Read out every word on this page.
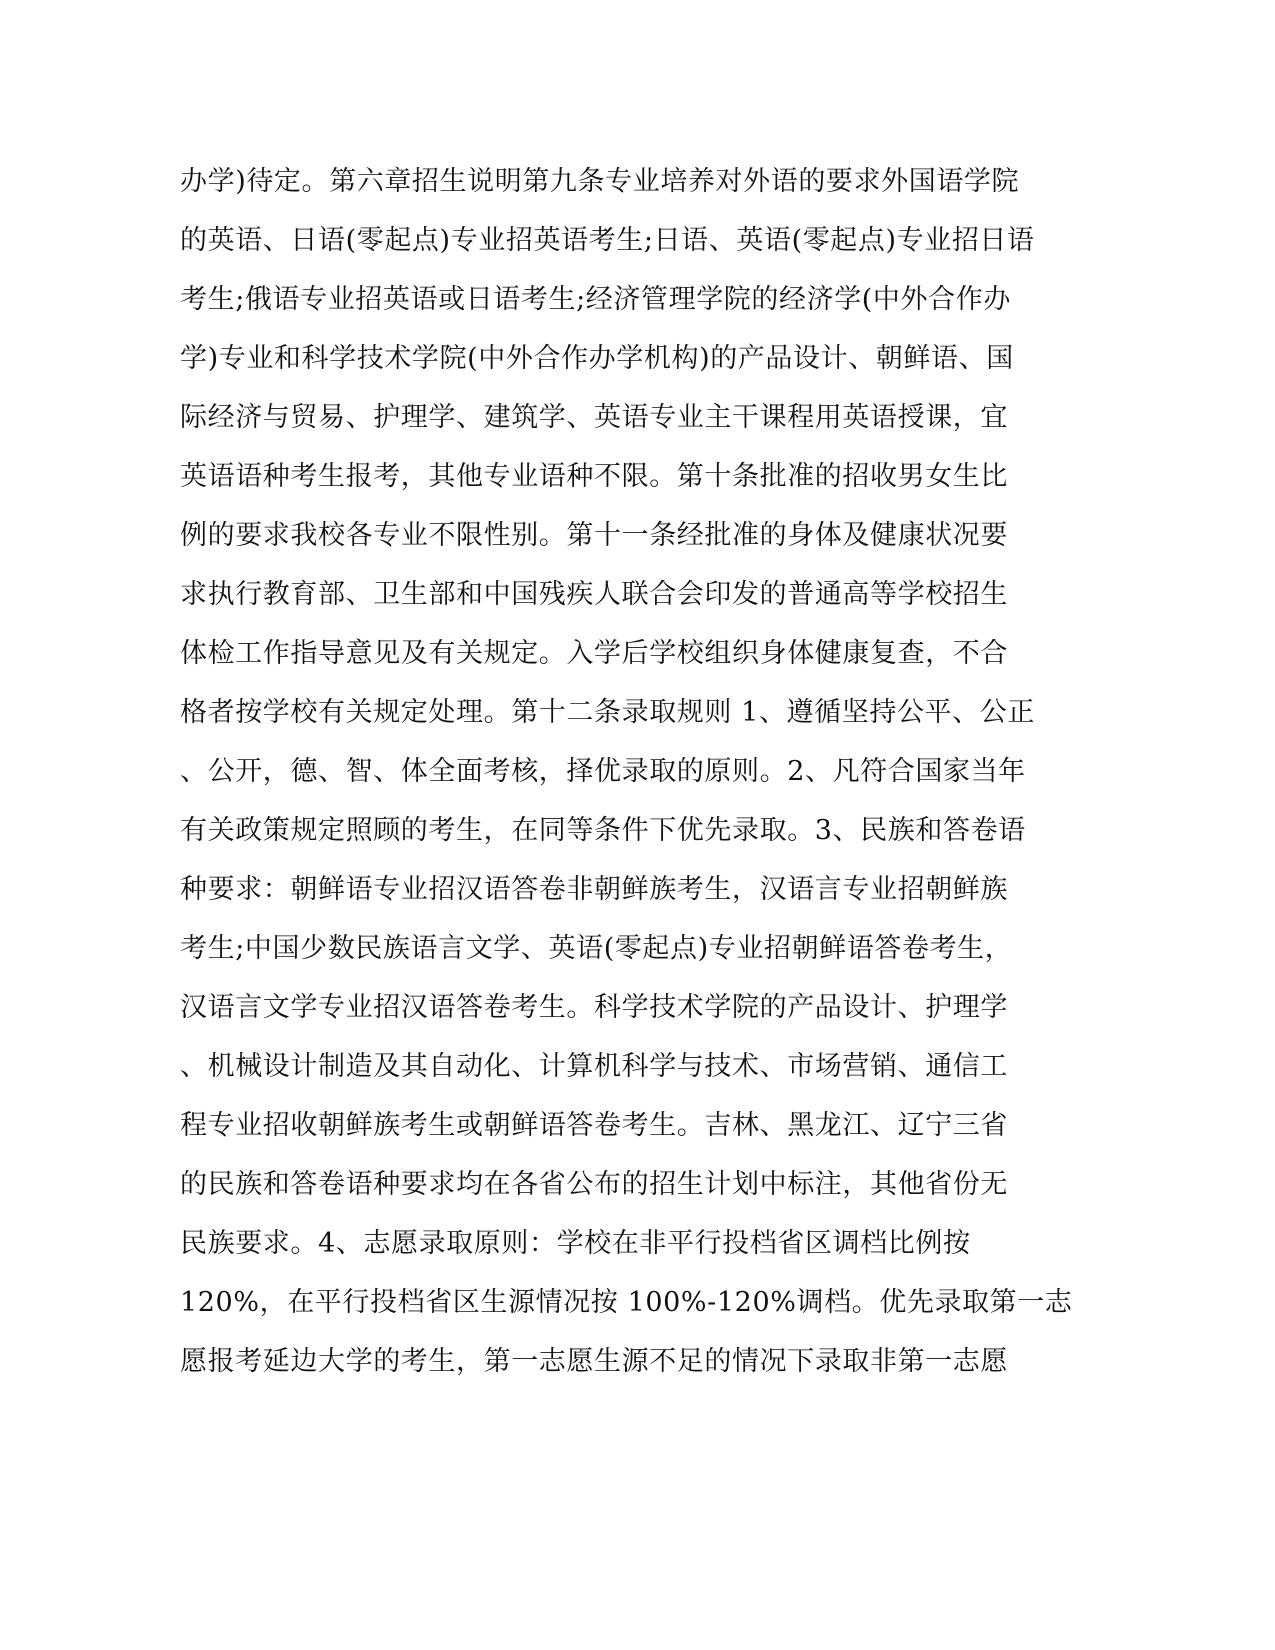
办学)待定。第六章招生说明第九条专业培养对外语的要求外国语学院
的英语、日语(零起点)专业招英语考生;日语、英语(零起点)专业招日语
考生;俄语专业招英语或日语考生;经济管理学院的经济学(中外合作办
学)专业和科学技术学院(中外合作办学机构)的产品设计、朝鲜语、国
际经济与贸易、护理学、建筑学、英语专业主干课程用英语授课，宜
英语语种考生报考，其他专业语种不限。第十条批准的招收男女生比
例的要求我校各专业不限性别。第十一条经批准的身体及健康状况要
求执行教育部、卫生部和中国残疾人联合会印发的普通高等学校招生
体检工作指导意见及有关规定。入学后学校组织身体健康复查，不合
格者按学校有关规定处理。第十二条录取规则 1、遵循坚持公平、公正
、公开，德、智、体全面考核，择优录取的原则。2、凡符合国家当年
有关政策规定照顾的考生，在同等条件下优先录取。3、民族和答卷语
种要求：朝鲜语专业招汉语答卷非朝鲜族考生，汉语言专业招朝鲜族
考生;中国少数民族语言文学、英语(零起点)专业招朝鲜语答卷考生，
汉语言文学专业招汉语答卷考生。科学技术学院的产品设计、护理学
、机械设计制造及其自动化、计算机科学与技术、市场营销、通信工
程专业招收朝鲜族考生或朝鲜语答卷考生。吉林、黑龙江、辽宁三省
的民族和答卷语种要求均在各省公布的招生计划中标注，其他省份无
民族要求。4、志愿录取原则：学校在非平行投档省区调档比例按
120%，在平行投档省区生源情况按 100%-120%调档。优先录取第一志
愿报考延边大学的考生，第一志愿生源不足的情况下录取非第一志愿
